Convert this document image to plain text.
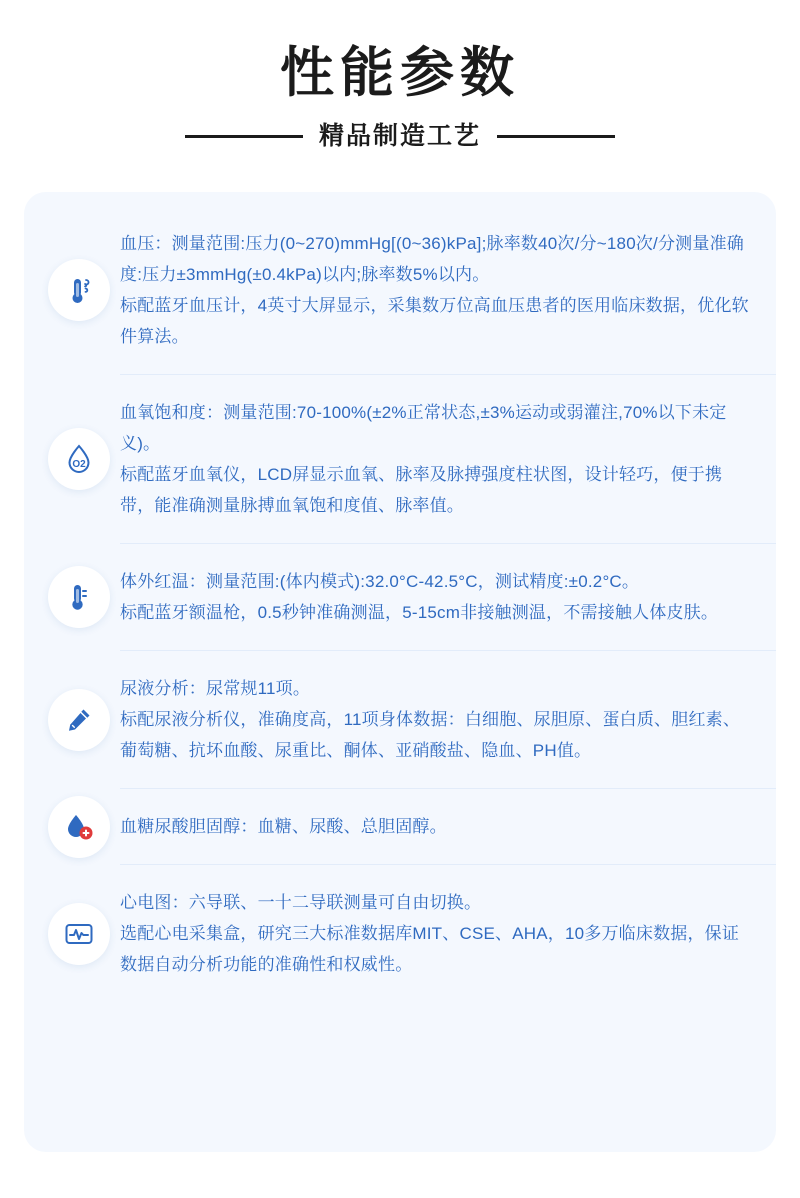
性能参数
精品制造工艺

血压：测量范围:压力(0~270)mmHg[(0~36)kPa];脉率数40次/分~180次/分测量准确度:压力±3mmHg(±0.4kPa)以内;脉率数5%以内。

标配蓝牙血压计，4英寸大屏显示，采集数万位高血压患者的医用临床数据，优化软件算法。

O2

血氧饱和度：测量范围:70-100%(±2%正常状态,±3%运动或弱灌注,70%以下未定义)。

标配蓝牙血氧仪，LCD屏显示血氧、脉率及脉搏强度柱状图，设计轻巧，便于携带，能准确测量脉搏血氧饱和度值、脉率值。

体外红温：测量范围:(体内模式):32.0°C-42.5°C，测试精度:±0.2°C。

标配蓝牙额温枪，0.5秒钟准确测温，5-15cm非接触测温，不需接触人体皮肤。

尿液分析：尿常规11项。

标配尿液分析仪，准确度高，11项身体数据：白细胞、尿胆原、蛋白质、胆红素、葡萄糖、抗坏血酸、尿重比、酮体、亚硝酸盐、隐血、PH值。

血糖尿酸胆固醇：血糖、尿酸、总胆固醇。

心电图：六导联、一十二导联测量可自由切换。

选配心电采集盒，研究三大标准数据库MIT、CSE、AHA，10多万临床数据，保证数据自动分析功能的准确性和权威性。
